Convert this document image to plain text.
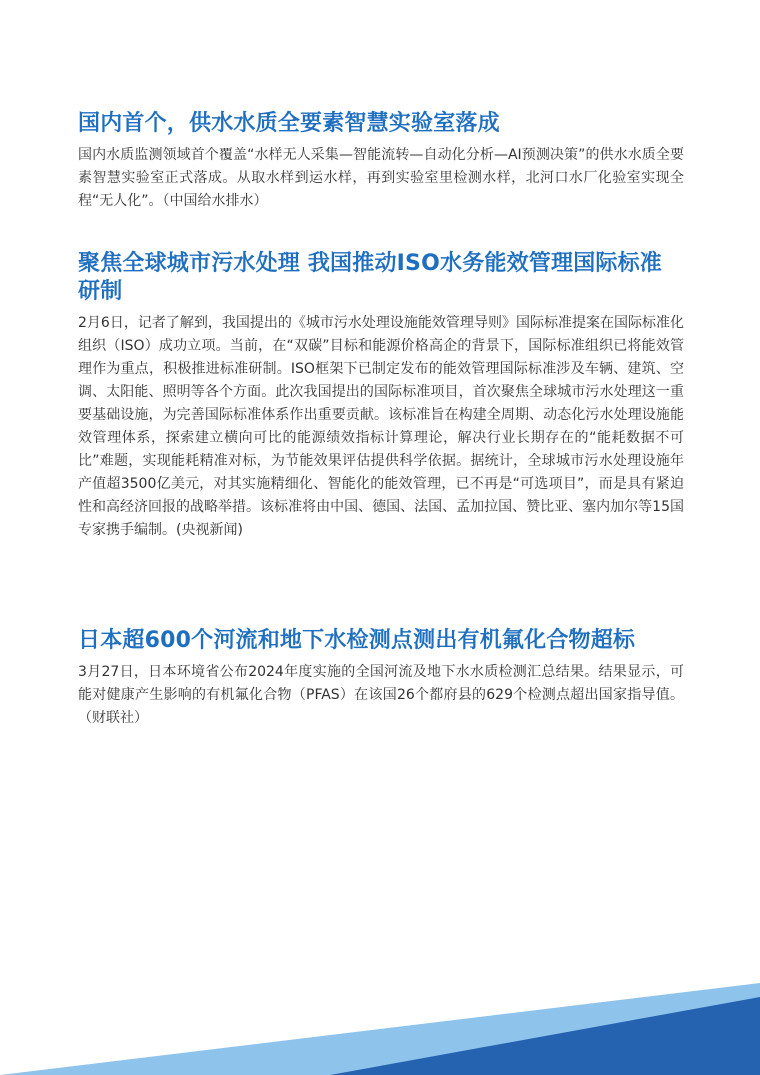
国内首个，供水水质全要素智慧实验室落成

国内水质监测领域首个覆盖“水样无人采集—智能流转—自动化分析—AI预测决策”的供水水质全要素智慧实验室正式落成。从取水样到运水样，再到实验室里检测水样，北河口水厂化验室实现全程“无人化”。（中国给水排水）

聚焦全球城市污水处理 我国推动ISO水务能效管理国际标准研制

2月6日，记者了解到，我国提出的《城市污水处理设施能效管理导则》国际标准提案在国际标准化组织（ISO）成功立项。当前，在“双碳”目标和能源价格高企的背景下，国际标准组织已将能效管理作为重点，积极推进标准研制。ISO框架下已制定发布的能效管理国际标准涉及车辆、建筑、空调、太阳能、照明等各个方面。此次我国提出的国际标准项目，首次聚焦全球城市污水处理这一重要基础设施，为完善国际标准体系作出重要贡献。该标准旨在构建全周期、动态化污水处理设施能效管理体系，探索建立横向可比的能源绩效指标计算理论，解决行业长期存在的“能耗数据不可比”难题，实现能耗精准对标，为节能效果评估提供科学依据。据统计，全球城市污水处理设施年产值超3500亿美元，对其实施精细化、智能化的能效管理，已不再是“可选项目”，而是具有紧迫性和高经济回报的战略举措。该标准将由中国、德国、法国、孟加拉国、赞比亚、塞内加尔等15国专家携手编制。(央视新闻)

日本超600个河流和地下水检测点测出有机氟化合物超标

3月27日，日本环境省公布2024年度实施的全国河流及地下水水质检测汇总结果。结果显示，可能对健康产生影响的有机氟化合物（PFAS）在该国26个都府县的629个检测点超出国家指导值。（财联社）
